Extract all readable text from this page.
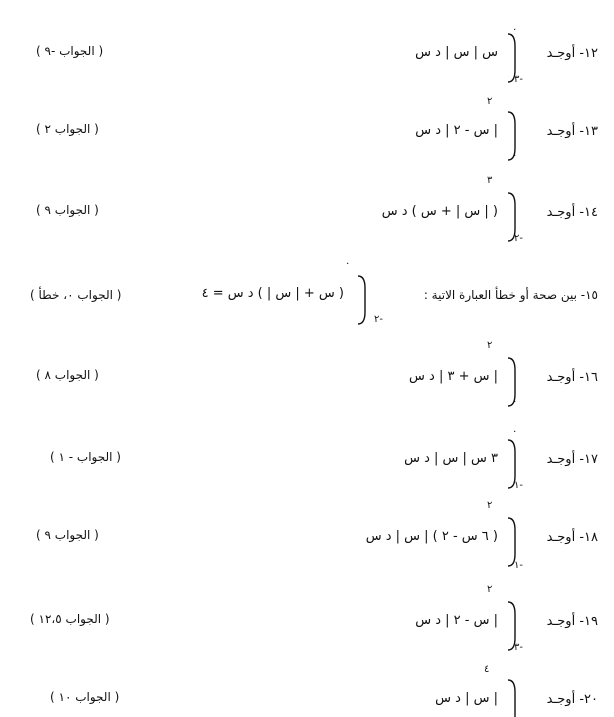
١٢- أوجـد
٠
٣-
س | س | د س
( الجواب -٩ )
١٣- أوجـد
٢
٠
| س - ٢ | د س
( الجواب ٢ )
١٤- أوجـد
٣
٢-
( | س | + س ) د س
( الجواب ٩ )
١٥- بين صحة أو خطأ العبارة الاتية :
٠
٢-
( س + | س | ) د س = ٤
( الجواب ٠، خطأ )
١٦- أوجـد
٢
٠
| س + ٣ | د س
( الجواب ٨ )
١٧- أوجـد
٠
١-
٣ س | س | د س
( الجواب - ١ )
١٨- أوجـد
٢
١-
( ٦ س - ٢ ) | س | د س
( الجواب ٩ )
١٩- أوجـد
٢
٣-
| س - ٢ | د س
( الجواب ١٢،٥ )
٢٠- أوجـد
٤
| س | د س
( الجواب ١٠ )
